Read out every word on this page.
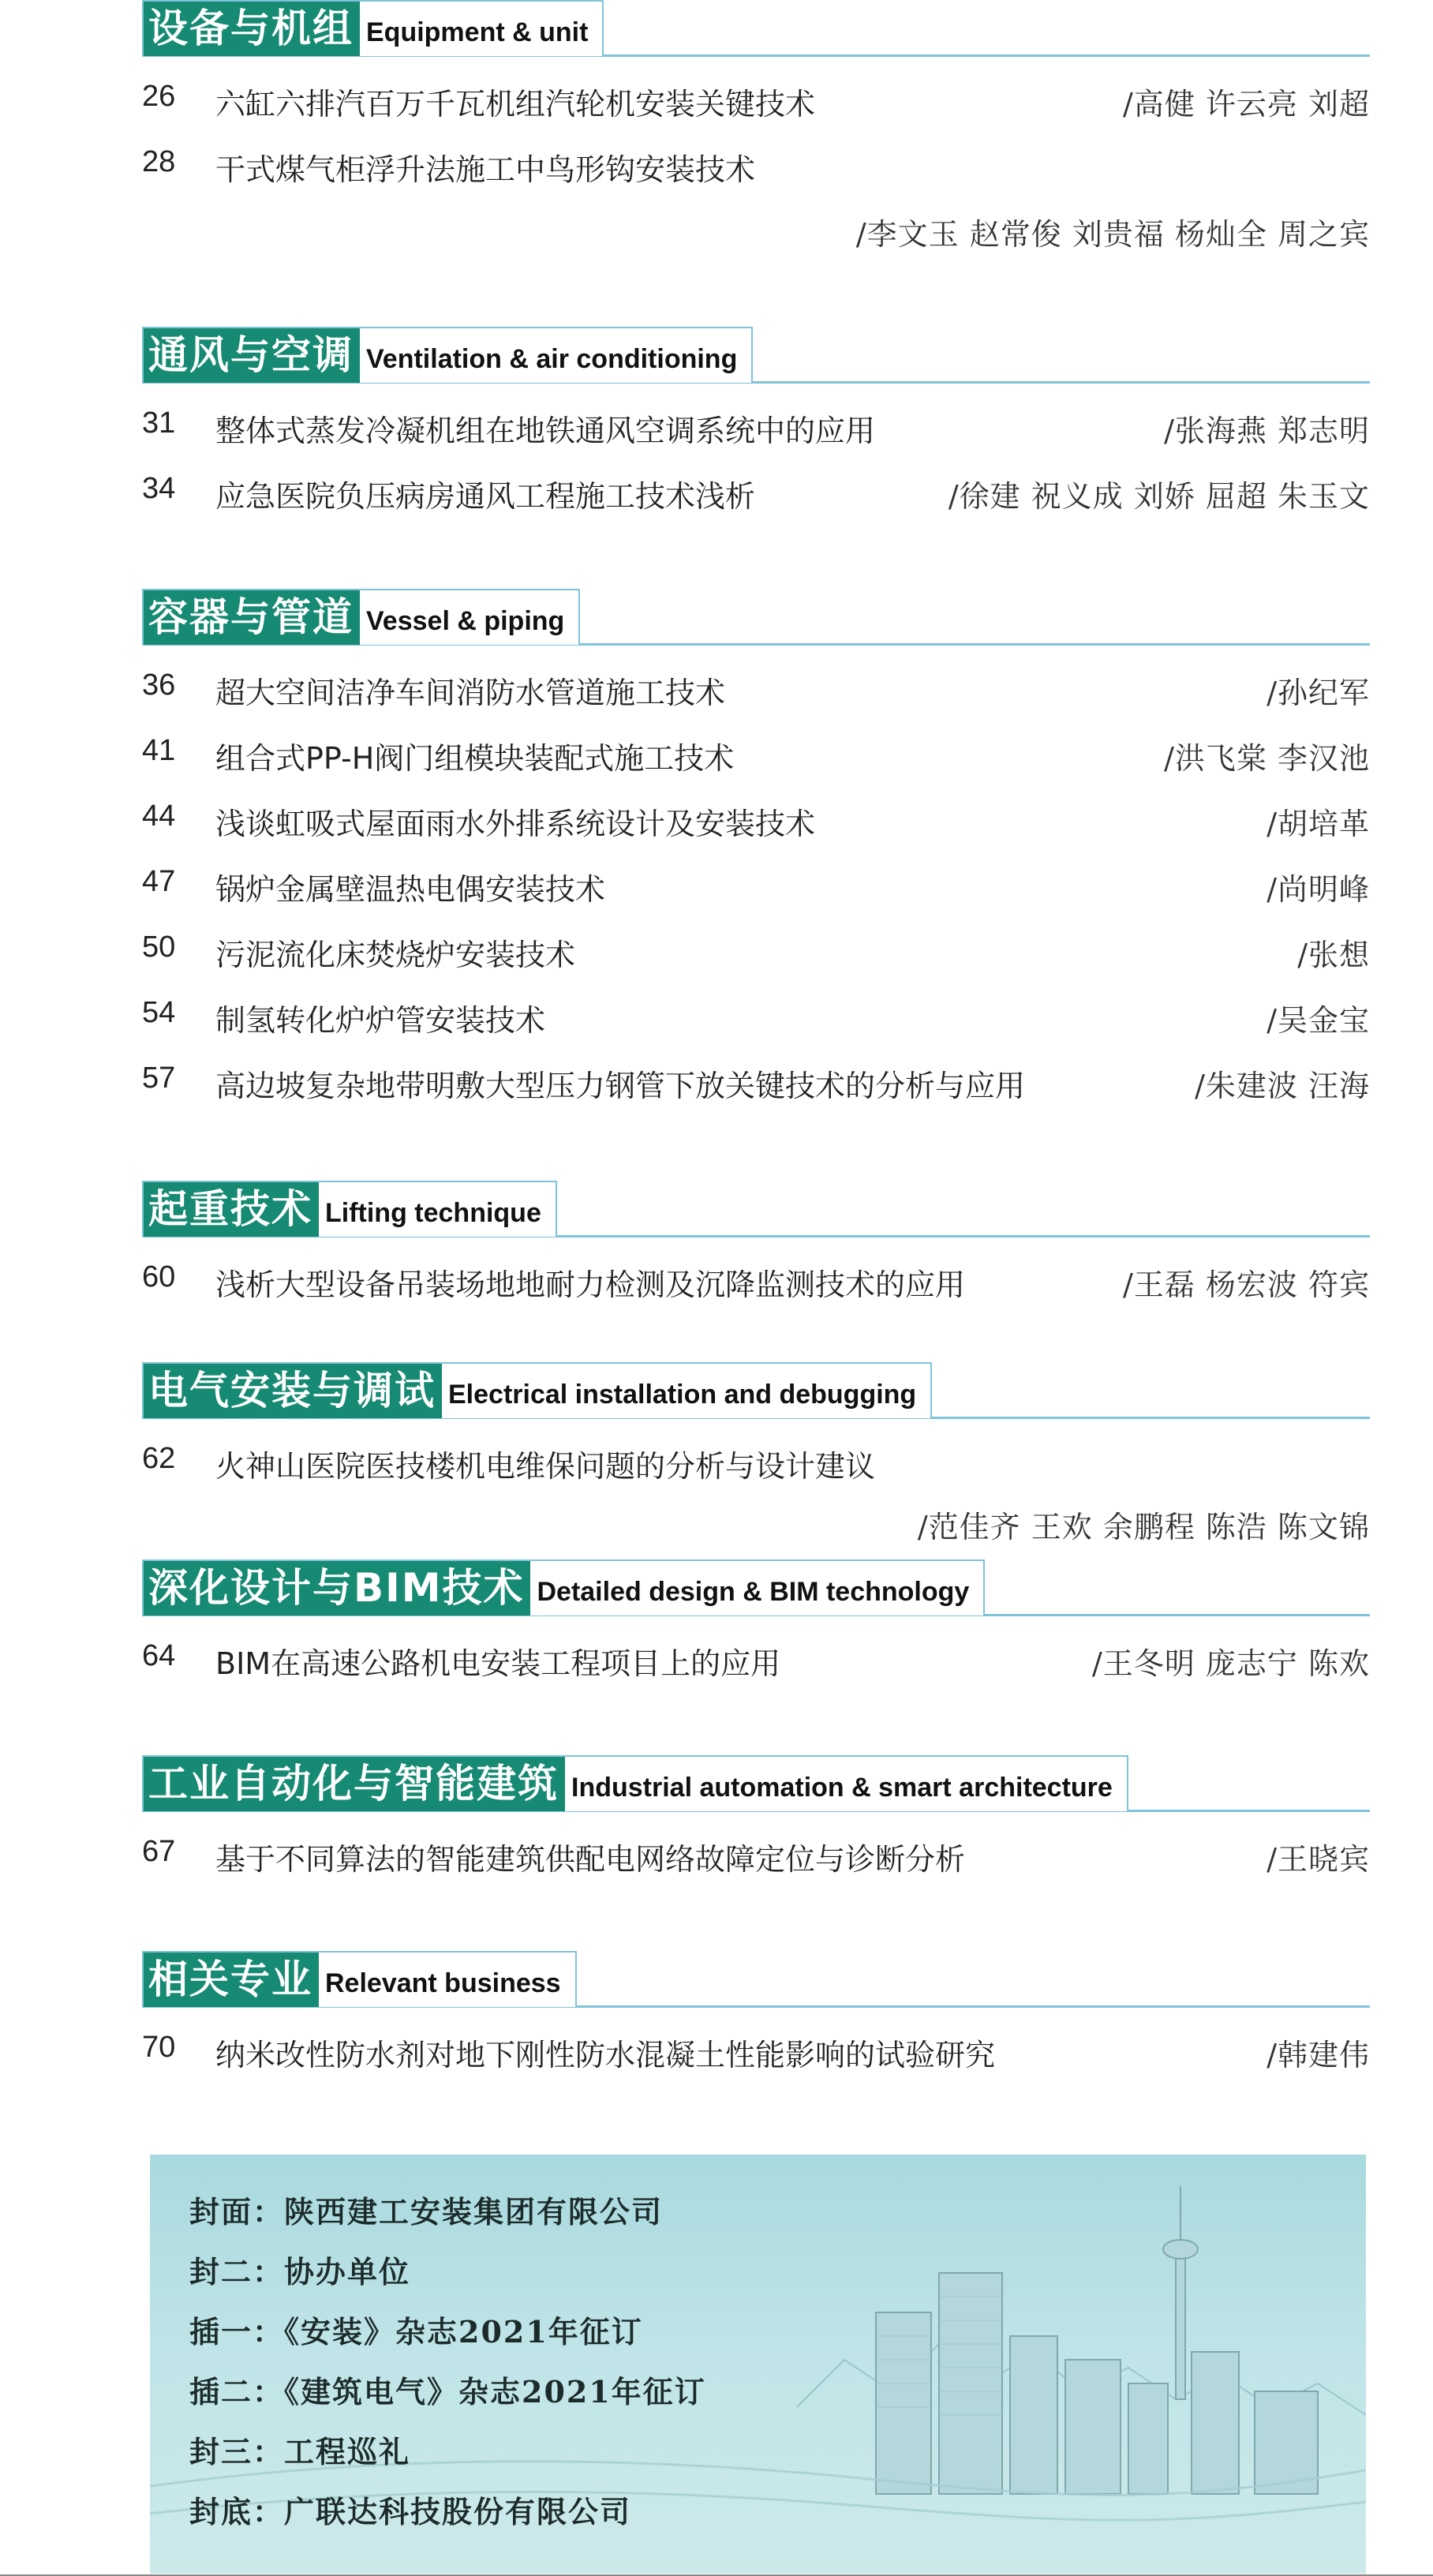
设备与机组 Equipment & unit
26	六缸六排汽百万千瓦机组汽轮机安装关键技术	/高健 许云亮 刘超
28	干式煤气柜浮升法施工中鸟形钩安装技术
/李文玉 赵常俊 刘贵福 杨灿全 周之宾
通风与空调 Ventilation & air conditioning
31	整体式蒸发冷凝机组在地铁通风空调系统中的应用	/张海燕 郑志明
34	应急医院负压病房通风工程施工技术浅析	/徐建 祝义成 刘娇 屈超 朱玉文
容器与管道 Vessel & piping
36	超大空间洁净车间消防水管道施工技术	/孙纪军
41	组合式PP-H阀门组模块装配式施工技术	/洪飞棠 李汉池
44	浅谈虹吸式屋面雨水外排系统设计及安装技术	/胡培革
47	锅炉金属壁温热电偶安装技术	/尚明峰
50	污泥流化床焚烧炉安装技术	/张想
54	制氢转化炉炉管安装技术	/吴金宝
57	高边坡复杂地带明敷大型压力钢管下放关键技术的分析与应用	/朱建波 汪海
起重技术 Lifting technique
60	浅析大型设备吊装场地地耐力检测及沉降监测技术的应用	/王磊 杨宏波 符宾
电气安装与调试 Electrical installation and debugging
62	火神山医院医技楼机电维保问题的分析与设计建议
/范佳齐 王欢 余鹏程 陈浩 陈文锦
深化设计与BIM技术 Detailed design & BIM technology
64	BIM在高速公路机电安装工程项目上的应用	/王冬明 庞志宁 陈欢
工业自动化与智能建筑 Industrial automation & smart architecture
67	基于不同算法的智能建筑供配电网络故障定位与诊断分析	/王晓宾
相关专业 Relevant business
70	纳米改性防水剂对地下刚性防水混凝土性能影响的试验研究	/韩建伟
封面：陕西建工安装集团有限公司
封二：协办单位
插一：《安装》杂志2021年征订
插二：《建筑电气》杂志2021年征订
封三：工程巡礼
封底：广联达科技股份有限公司
